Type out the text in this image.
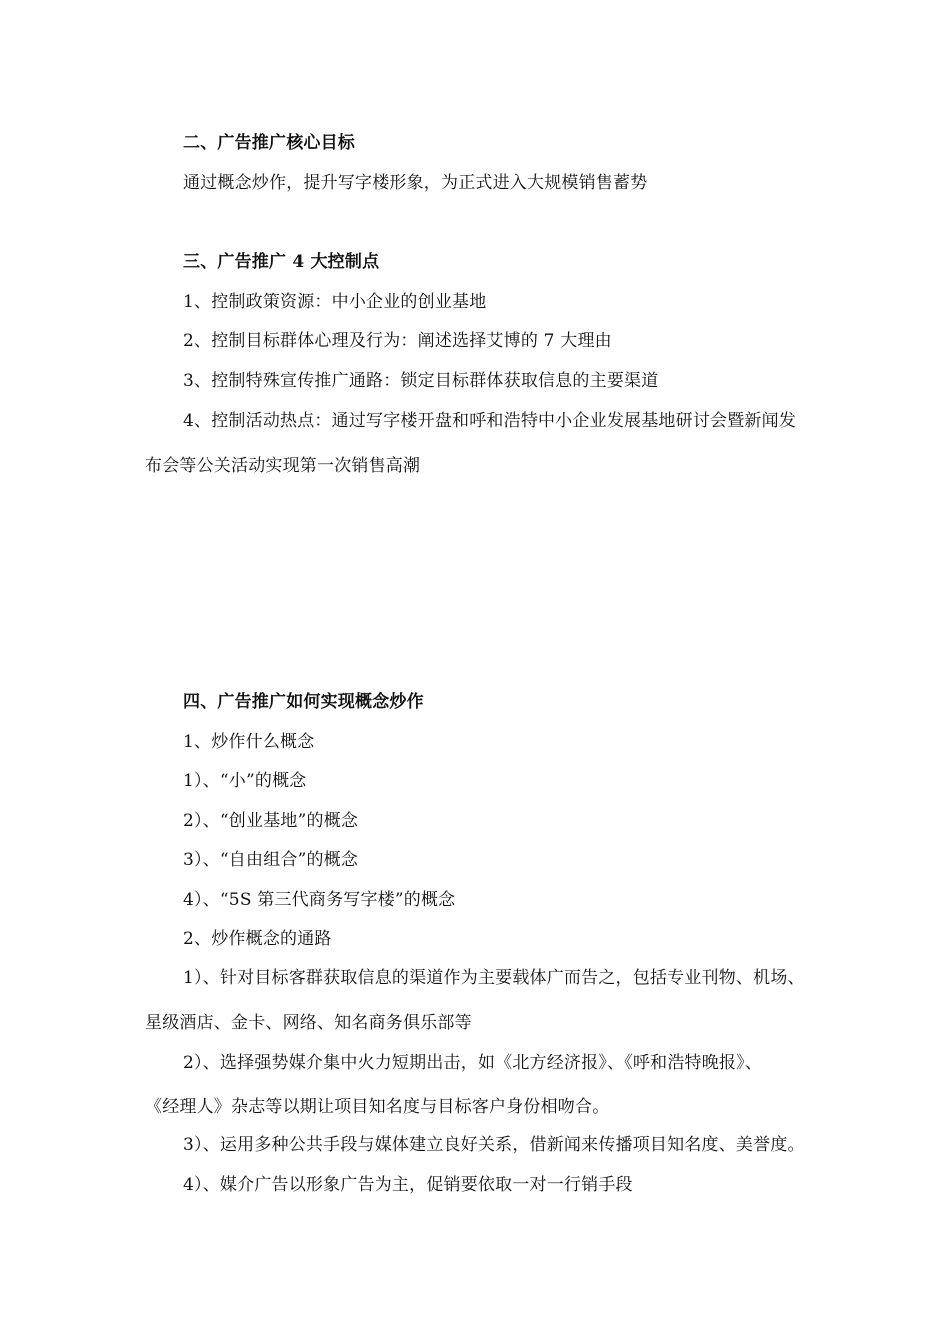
二、广告推广核心目标
通过概念炒作，提升写字楼形象，为正式进入大规模销售蓄势
三、广告推广 4 大控制点
1、控制政策资源：中小企业的创业基地
2、控制目标群体心理及行为：阐述选择艾博的 7 大理由
3、控制特殊宣传推广通路：锁定目标群体获取信息的主要渠道
4、控制活动热点：通过写字楼开盘和呼和浩特中小企业发展基地研讨会暨新闻发
布会等公关活动实现第一次销售高潮
四、广告推广如何实现概念炒作
1、炒作什么概念
1）、“小”的概念
2）、“创业基地”的概念
3）、“自由组合”的概念
4）、“5S 第三代商务写字楼”的概念
2、炒作概念的通路
1）、针对目标客群获取信息的渠道作为主要载体广而告之，包括专业刊物、机场、
星级酒店、金卡、网络、知名商务俱乐部等
2）、选择强势媒介集中火力短期出击，如《北方经济报》、《呼和浩特晚报》、
《经理人》杂志等以期让项目知名度与目标客户身份相吻合。
3）、运用多种公共手段与媒体建立良好关系，借新闻来传播项目知名度、美誉度。
4）、媒介广告以形象广告为主，促销要依取一对一行销手段
